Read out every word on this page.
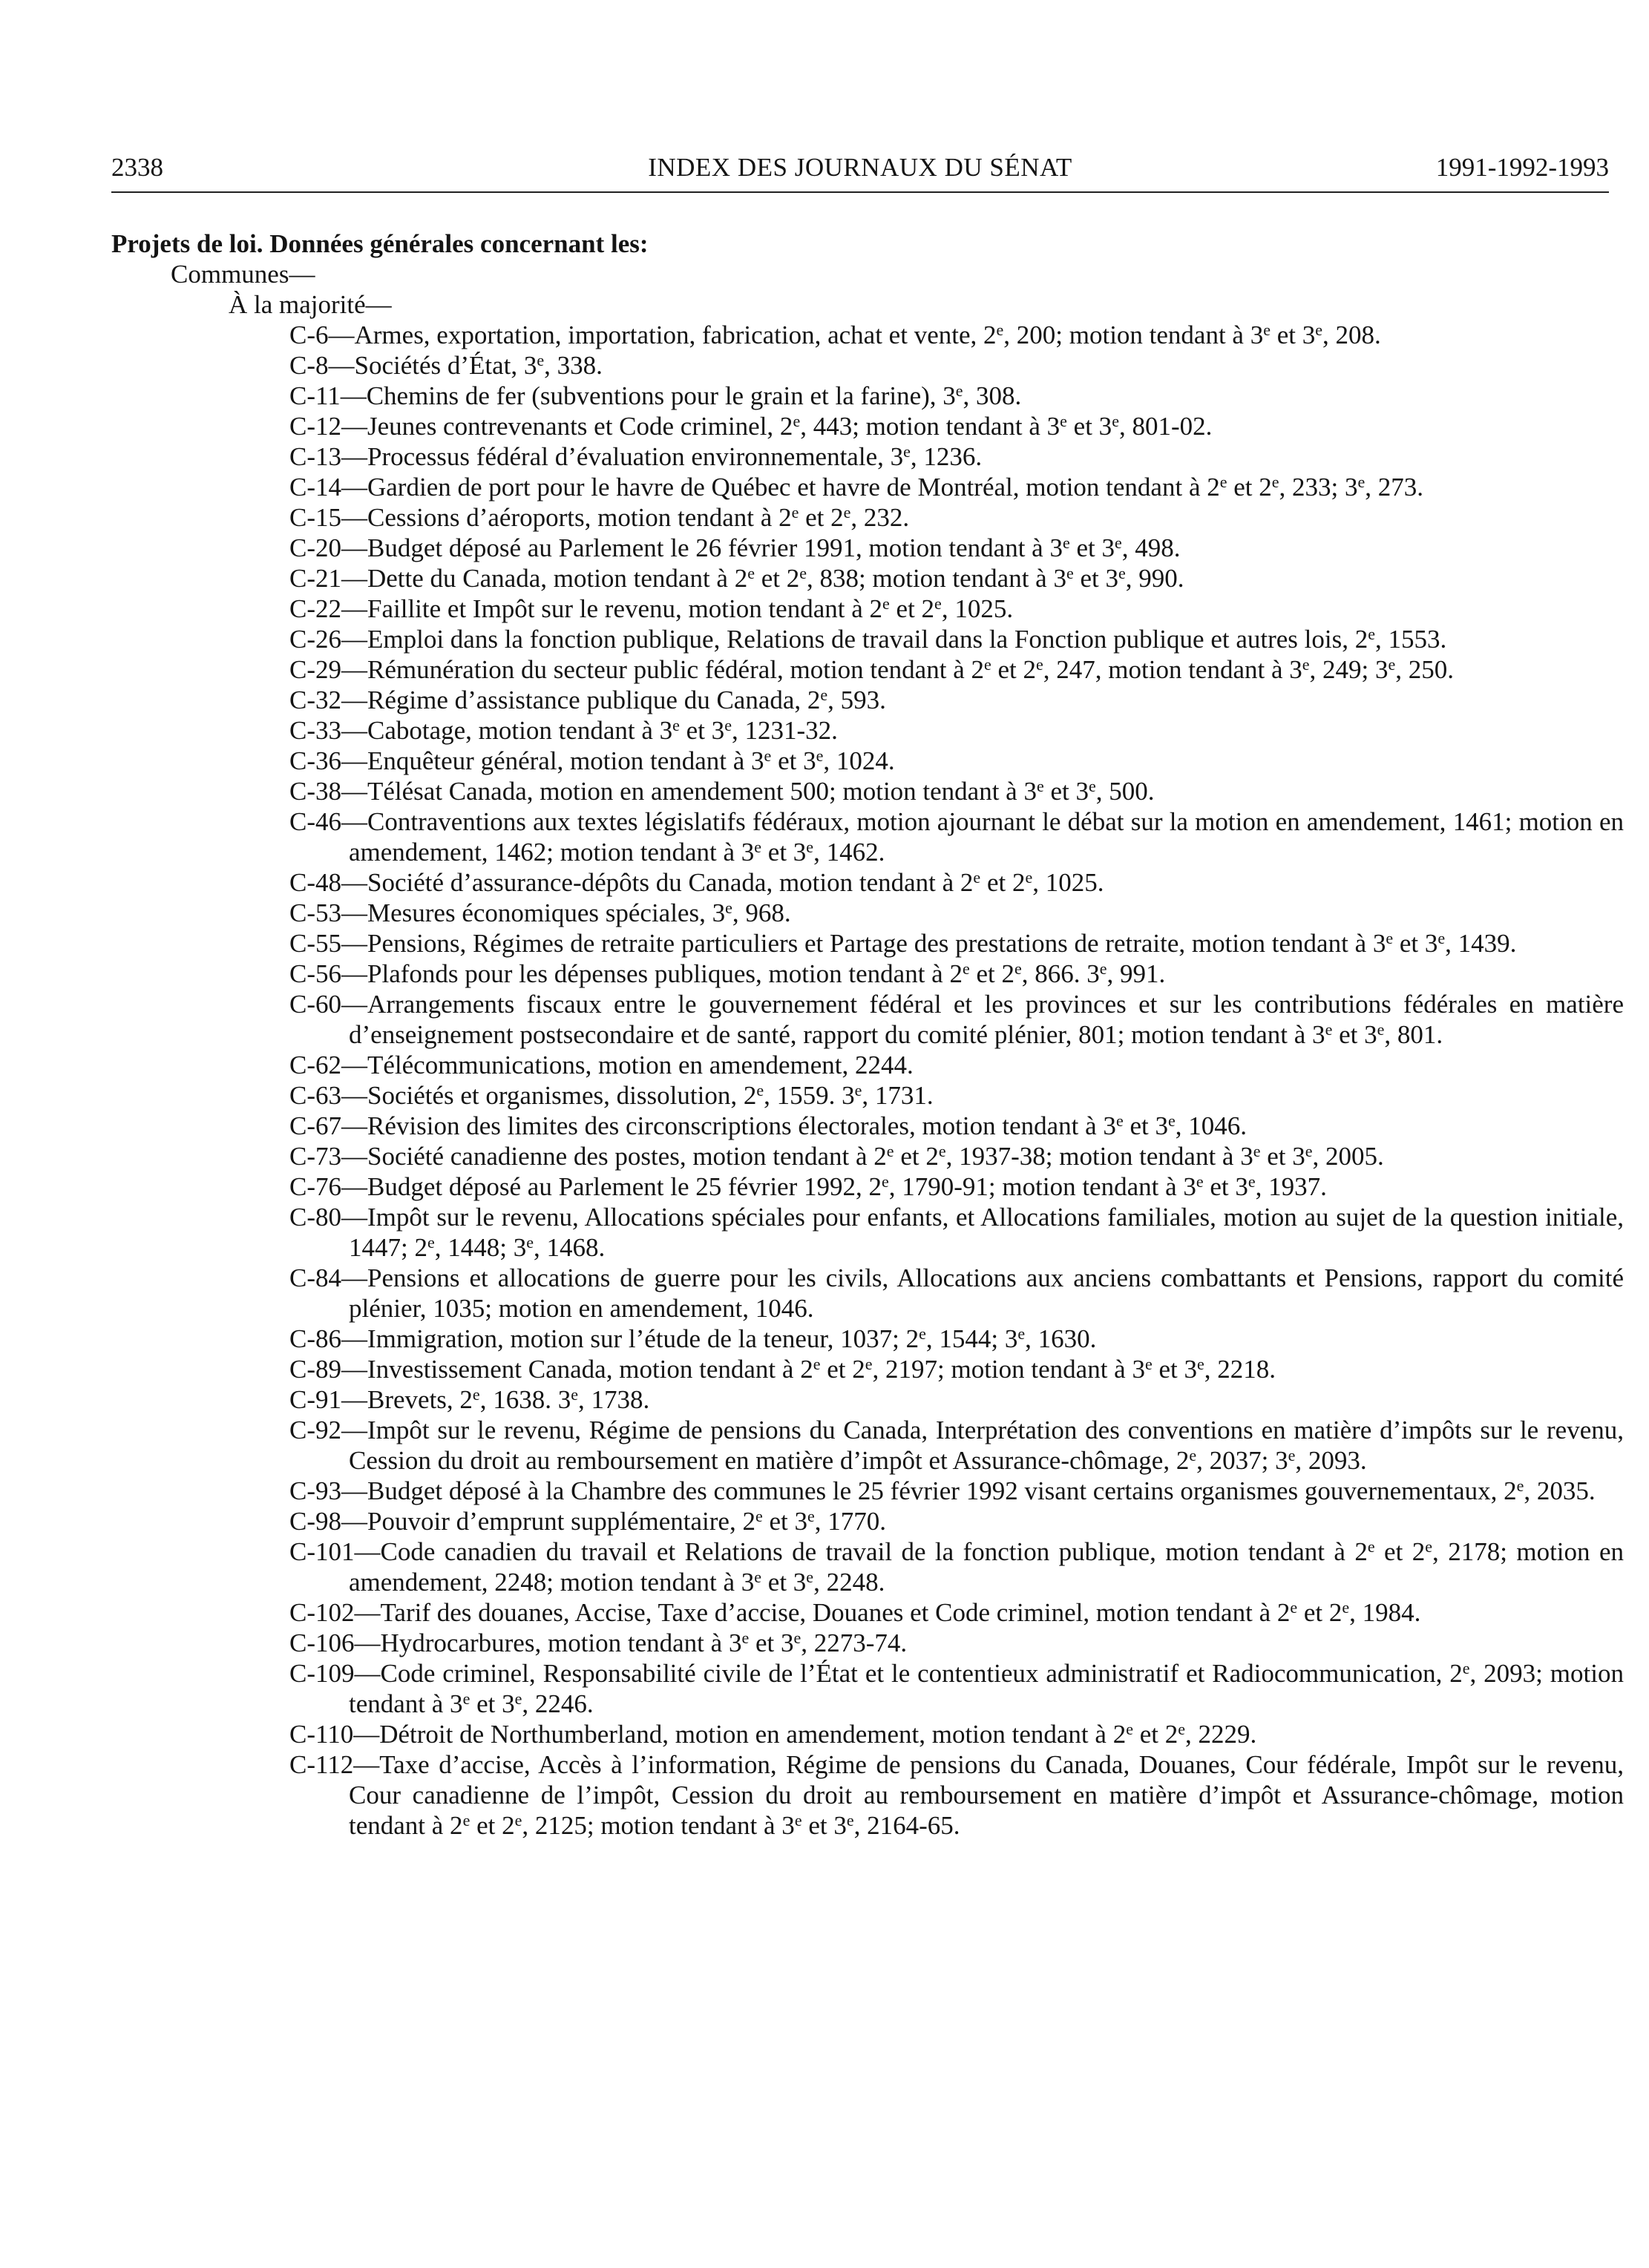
2338	INDEX DES JOURNAUX DU SÉNAT	1991-1992-1993
Projets de loi. Données générales concernant les:
Communes—
À la majorité—
C-6—Armes, exportation, importation, fabrication, achat et vente, 2e, 200; motion tendant à 3e et 3e, 208.
C-8—Sociétés d’État, 3e, 338.
C-11—Chemins de fer (subventions pour le grain et la farine), 3e, 308.
C-12—Jeunes contrevenants et Code criminel, 2e, 443; motion tendant à 3e et 3e, 801-02.
C-13—Processus fédéral d’évaluation environnementale, 3e, 1236.
C-14—Gardien de port pour le havre de Québec et havre de Montréal, motion tendant à 2e et 2e, 233; 3e, 273.
C-15—Cessions d’aéroports, motion tendant à 2e et 2e, 232.
C-20—Budget déposé au Parlement le 26 février 1991, motion tendant à 3e et 3e, 498.
C-21—Dette du Canada, motion tendant à 2e et 2e, 838; motion tendant à 3e et 3e, 990.
C-22—Faillite et Impôt sur le revenu, motion tendant à 2e et 2e, 1025.
C-26—Emploi dans la fonction publique, Relations de travail dans la Fonction publique et autres lois, 2e, 1553.
C-29—Rémunération du secteur public fédéral, motion tendant à 2e et 2e, 247, motion tendant à 3e, 249; 3e, 250.
C-32—Régime d’assistance publique du Canada, 2e, 593.
C-33—Cabotage, motion tendant à 3e et 3e, 1231-32.
C-36—Enquêteur général, motion tendant à 3e et 3e, 1024.
C-38—Télésat Canada, motion en amendement 500; motion tendant à 3e et 3e, 500.
C-46—Contraventions aux textes législatifs fédéraux, motion ajournant le débat sur la motion en amendement, 1461; motion en amendement, 1462; motion tendant à 3e et 3e, 1462.
C-48—Société d’assurance-dépôts du Canada, motion tendant à 2e et 2e, 1025.
C-53—Mesures économiques spéciales, 3e, 968.
C-55—Pensions, Régimes de retraite particuliers et Partage des prestations de retraite, motion tendant à 3e et 3e, 1439.
C-56—Plafonds pour les dépenses publiques, motion tendant à 2e et 2e, 866. 3e, 991.
C-60—Arrangements fiscaux entre le gouvernement fédéral et les provinces et sur les contributions fédérales en matière d’enseignement postsecondaire et de santé, rapport du comité plénier, 801; motion tendant à 3e et 3e, 801.
C-62—Télécommunications, motion en amendement, 2244.
C-63—Sociétés et organismes, dissolution, 2e, 1559. 3e, 1731.
C-67—Révision des limites des circonscriptions électorales, motion tendant à 3e et 3e, 1046.
C-73—Société canadienne des postes, motion tendant à 2e et 2e, 1937-38; motion tendant à 3e et 3e, 2005.
C-76—Budget déposé au Parlement le 25 février 1992, 2e, 1790-91; motion tendant à 3e et 3e, 1937.
C-80—Impôt sur le revenu, Allocations spéciales pour enfants, et Allocations familiales, motion au sujet de la question initiale, 1447; 2e, 1448; 3e, 1468.
C-84—Pensions et allocations de guerre pour les civils, Allocations aux anciens combattants et Pensions, rapport du comité plénier, 1035; motion en amendement, 1046.
C-86—Immigration, motion sur l’étude de la teneur, 1037; 2e, 1544; 3e, 1630.
C-89—Investissement Canada, motion tendant à 2e et 2e, 2197; motion tendant à 3e et 3e, 2218.
C-91—Brevets, 2e, 1638. 3e, 1738.
C-92—Impôt sur le revenu, Régime de pensions du Canada, Interprétation des conventions en matière d’impôts sur le revenu, Cession du droit au remboursement en matière d’impôt et Assurance-chômage, 2e, 2037; 3e, 2093.
C-93—Budget déposé à la Chambre des communes le 25 février 1992 visant certains organismes gouvernementaux, 2e, 2035.
C-98—Pouvoir d’emprunt supplémentaire, 2e et 3e, 1770.
C-101—Code canadien du travail et Relations de travail de la fonction publique, motion tendant à 2e et 2e, 2178; motion en amendement, 2248; motion tendant à 3e et 3e, 2248.
C-102—Tarif des douanes, Accise, Taxe d’accise, Douanes et Code criminel, motion tendant à 2e et 2e, 1984.
C-106—Hydrocarbures, motion tendant à 3e et 3e, 2273-74.
C-109—Code criminel, Responsabilité civile de l’État et le contentieux administratif et Radiocommunication, 2e, 2093; motion tendant à 3e et 3e, 2246.
C-110—Détroit de Northumberland, motion en amendement, motion tendant à 2e et 2e, 2229.
C-112—Taxe d’accise, Accès à l’information, Régime de pensions du Canada, Douanes, Cour fédérale, Impôt sur le revenu, Cour canadienne de l’impôt, Cession du droit au remboursement en matière d’impôt et Assurance-chômage, motion tendant à 2e et 2e, 2125; motion tendant à 3e et 3e, 2164-65.
